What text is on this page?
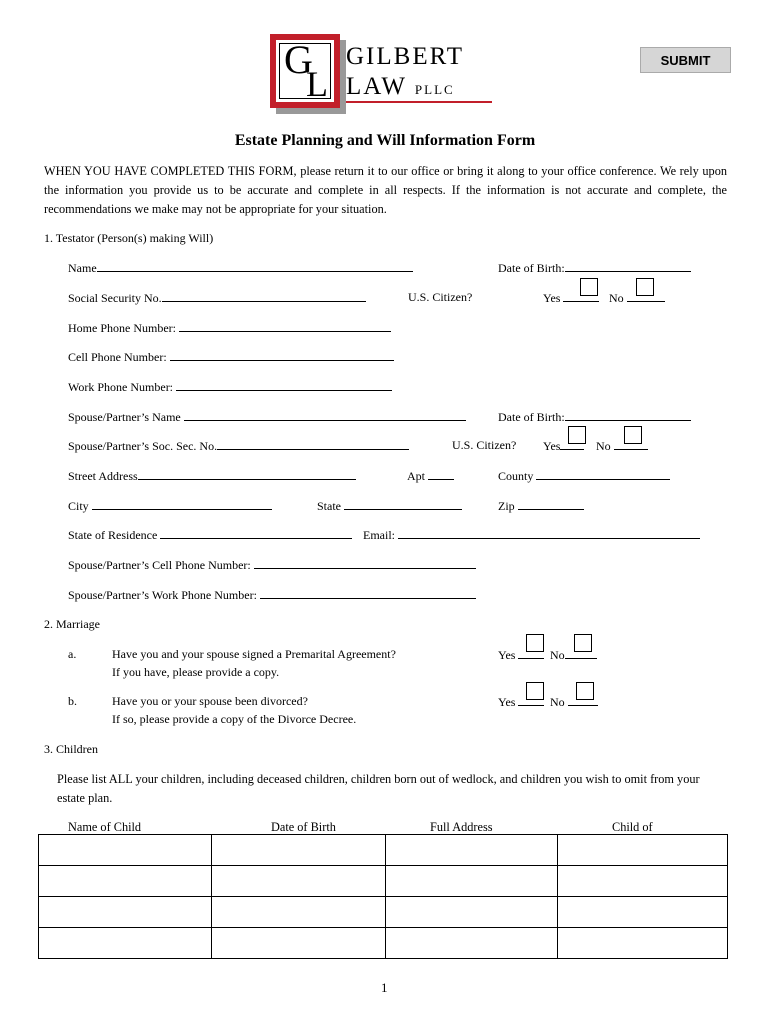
G
L
GILBERT
LAW PLLC
SUBMIT
Estate Planning and Will Information Form
WHEN YOU HAVE COMPLETED THIS FORM, please return it to our office or bring it along to your office conference. We rely upon the information you provide us to be accurate and complete in all respects. If the information is not accurate and complete, the recommendations we make may not be appropriate for your situation.
1. Testator (Person(s) making Will)
Name	Date of Birth:
Social Security No.	U.S. Citizen?	Yes	No
Home Phone Number:
Cell Phone Number:
Work Phone Number:
Spouse/Partner’s Name	Date of Birth:
Spouse/Partner’s Soc. Sec. No.	U.S. Citizen? Yes	No
Street Address	Apt	County
City	State	Zip
State of Residence	Email:
Spouse/Partner’s Cell Phone Number:
Spouse/Partner’s Work Phone Number:
2. Marriage
a.	Have you and your spouse signed a Premarital Agreement?
If you have, please provide a copy.
Yes	No
b.	Have you or your spouse been divorced?
If so, please provide a copy of the Divorce Decree.
Yes	No
3. Children
Please list ALL your children, including deceased children, children born out of wedlock, and children you wish to omit from your estate plan.
Name of Child	Date of Birth	Full Address	Child of

1
